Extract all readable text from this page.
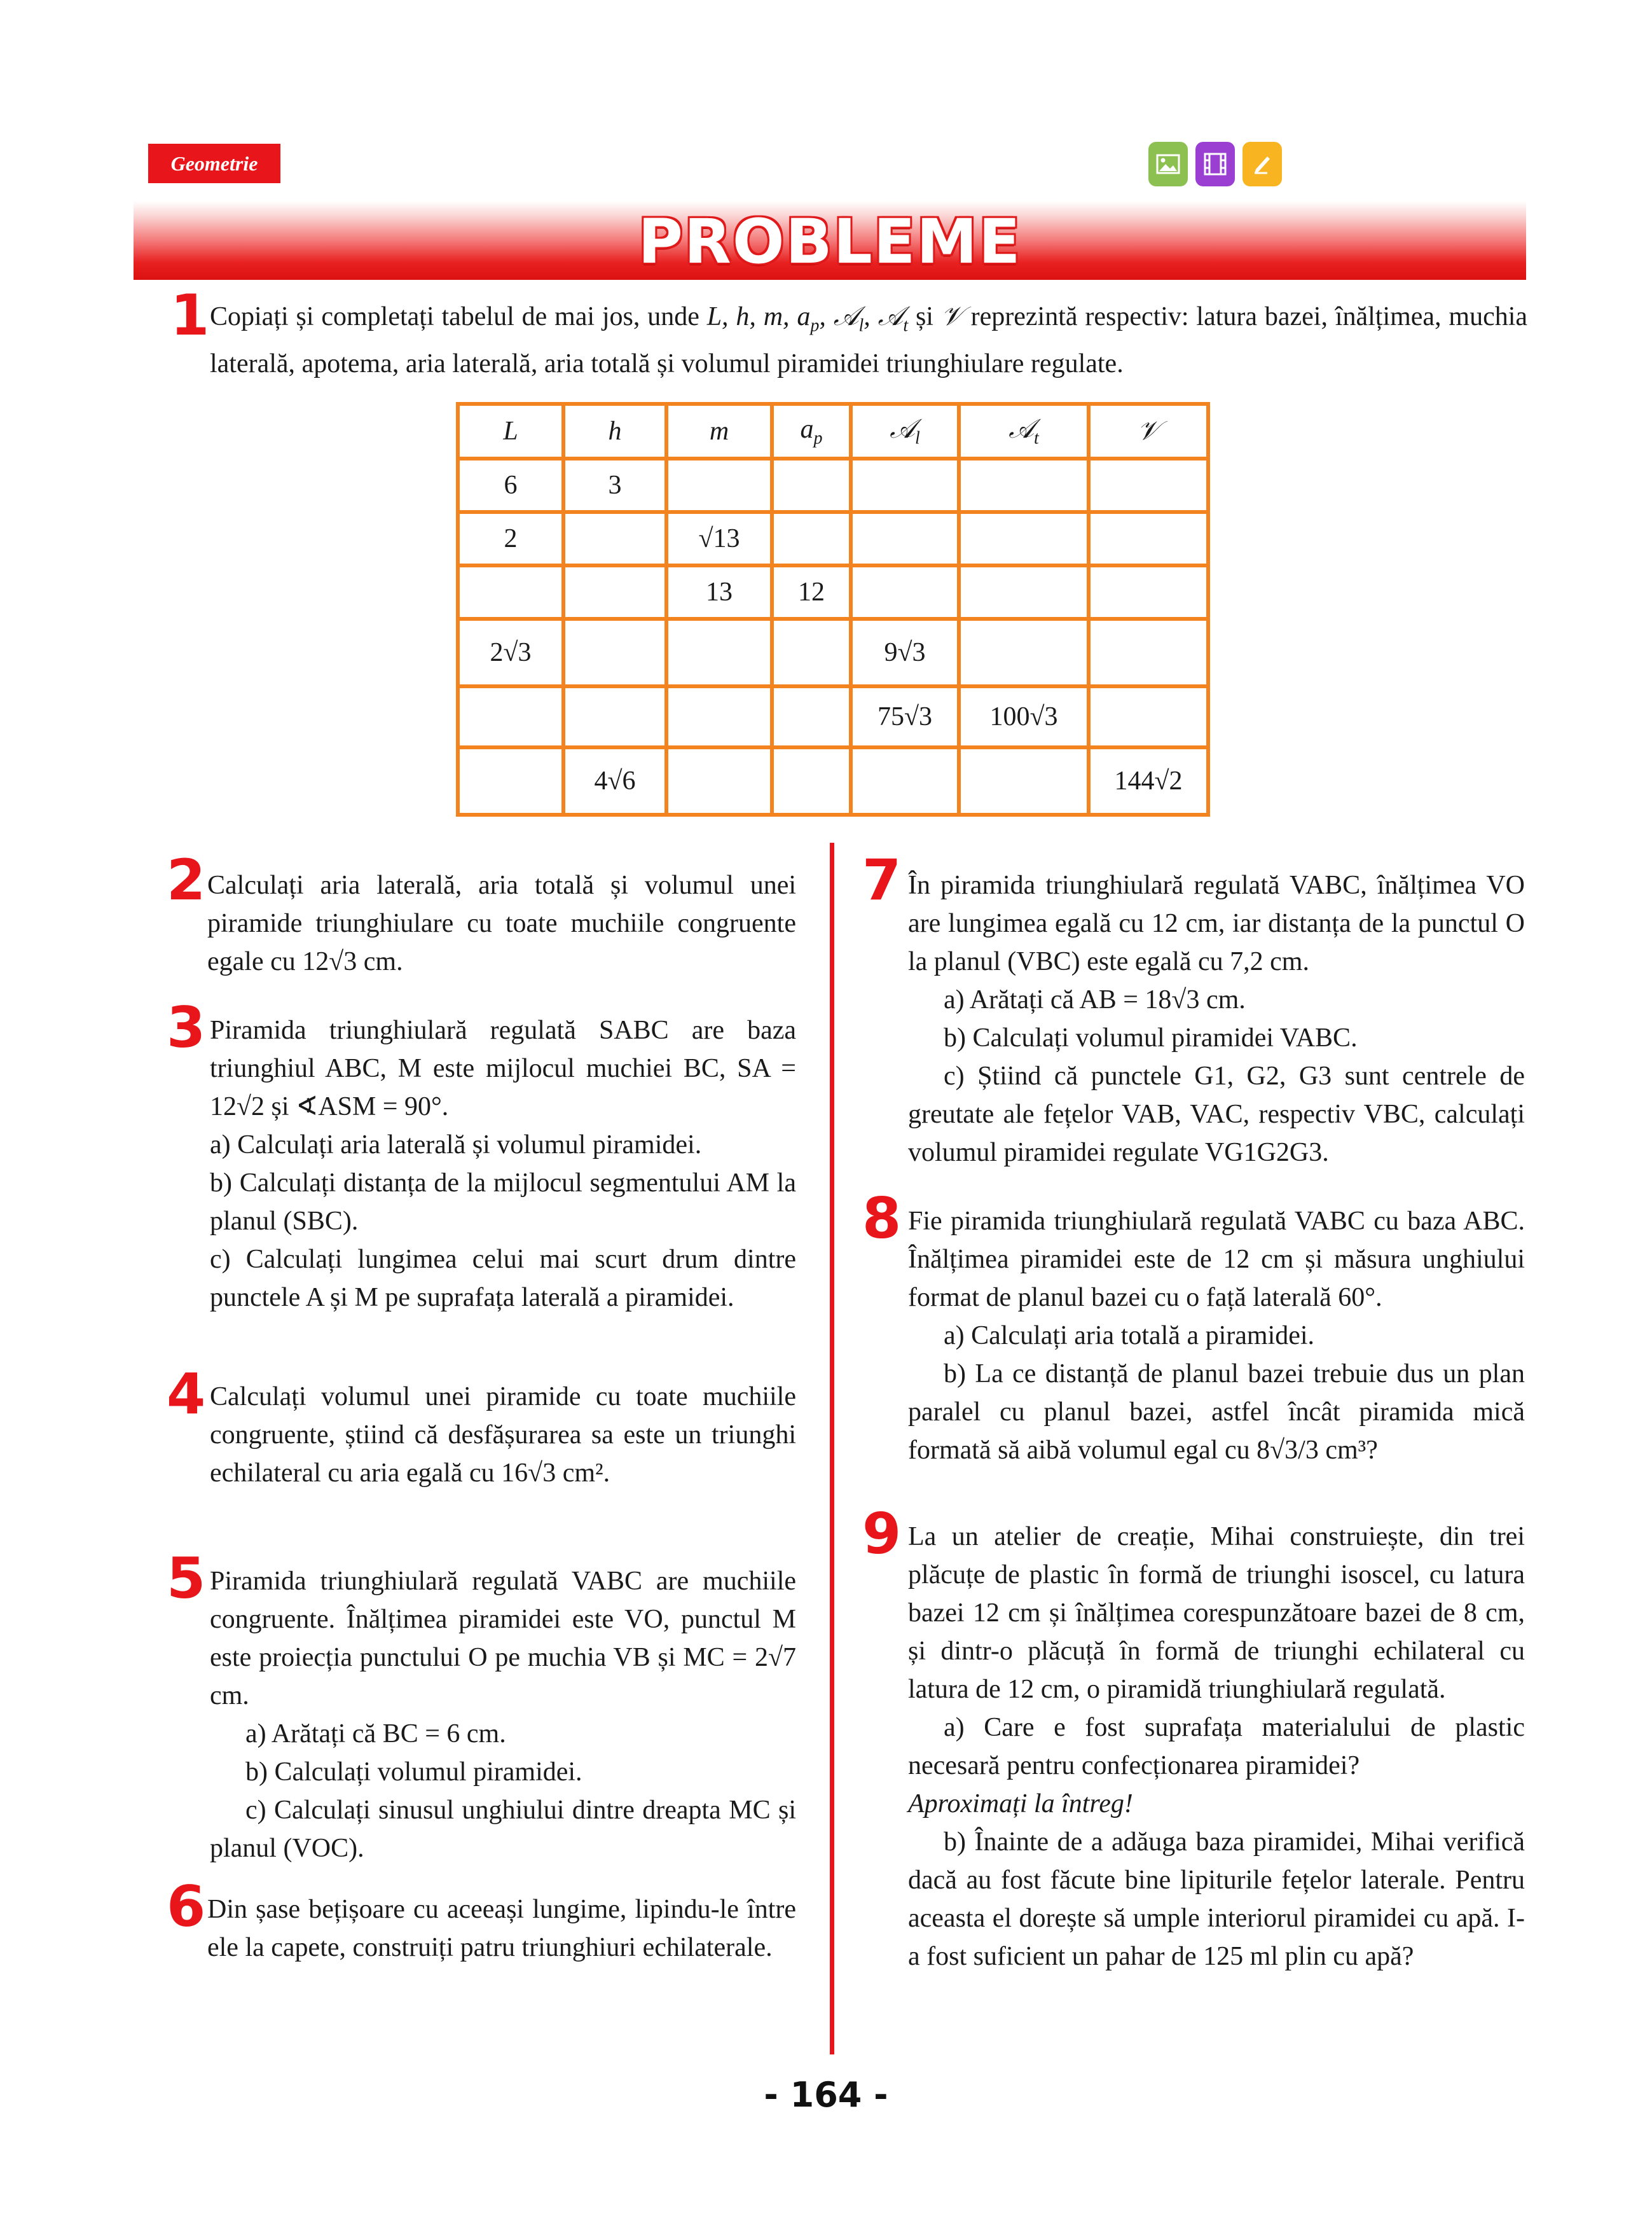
Geometrie
PROBLEME
1 Copiați și completați tabelul de mai jos, unde L, h, m, $a_p$, 𝒜$_l$, 𝒜$_t$ și 𝒱 reprezintă respectiv: latura bazei, înălțimea, muchia laterală, apotema, aria laterală, aria totală și volumul piramidei triunghiulare regulate.

L	h	m	$a_p$	𝒜$_l$	𝒜$_t$	𝒱
6	3					
2		√13				
		13	12			
2√3				9√3		
				75√3	100√3	
	4√6					144√2
2 Calculați aria laterală, aria totală și volumul unei piramide triunghiulare cu toate muchiile congruente egale cu 12√3 cm.

3 Piramida triunghiulară regulată SABC are baza triunghiul ABC, M este mijlocul muchiei BC, SA = 12√2 și ∢ASM = 90°.

a) Calculați aria laterală și volumul piramidei.

b) Calculați distanța de la mijlocul segmentului AM la planul (SBC).

c) Calculați lungimea celui mai scurt drum dintre punctele A și M pe suprafața laterală a piramidei.

4 Calculați volumul unei piramide cu toate muchiile congruente, știind că desfășurarea sa este un triunghi echilateral cu aria egală cu 16√3 cm².

5 Piramida triunghiulară regulată VABC are muchiile congruente. Înălțimea piramidei este VO, punctul M este proiecția punctului O pe muchia VB și MC = 2√7 cm.

a) Arătați că BC = 6 cm.

b) Calculați volumul piramidei.

c) Calculați sinusul unghiului dintre dreapta MC și planul (VOC).

6 Din șase bețișoare cu aceeași lungime, lipindu-le între ele la capete, construiți patru triunghiuri echilaterale.

7 În piramida triunghiulară regulată VABC, înălțimea VO are lungimea egală cu 12 cm, iar distanța de la punctul O la planul (VBC) este egală cu 7,2 cm.

a) Arătați că AB = 18√3 cm.

b) Calculați volumul piramidei VABC.

c) Știind că punctele G1, G2, G3 sunt centrele de greutate ale fețelor VAB, VAC, respectiv VBC, calculați volumul piramidei regulate VG1G2G3.

8 Fie piramida triunghiulară regulată VABC cu baza ABC. Înălțimea piramidei este de 12 cm și măsura unghiului format de planul bazei cu o față laterală 60°.

a) Calculați aria totală a piramidei.

b) La ce distanță de planul bazei trebuie dus un plan paralel cu planul bazei, astfel încât piramida mică formată să aibă volumul egal cu 8√3/3 cm³?

9 La un atelier de creație, Mihai construiește, din trei plăcuțe de plastic în formă de triunghi isoscel, cu latura bazei 12 cm și înălțimea corespunzătoare bazei de 8 cm, și dintr-o plăcuță în formă de triunghi echilateral cu latura de 12 cm, o piramidă triunghiulară regulată.

a) Care e fost suprafața materialului de plastic necesară pentru confecționarea piramidei?

Aproximați la întreg!

b) Înainte de a adăuga baza piramidei, Mihai verifică dacă au fost făcute bine lipiturile fețelor laterale. Pentru aceasta el dorește să umple interiorul piramidei cu apă. I-a fost suficient un pahar de 125 ml plin cu apă?

- 164 -
